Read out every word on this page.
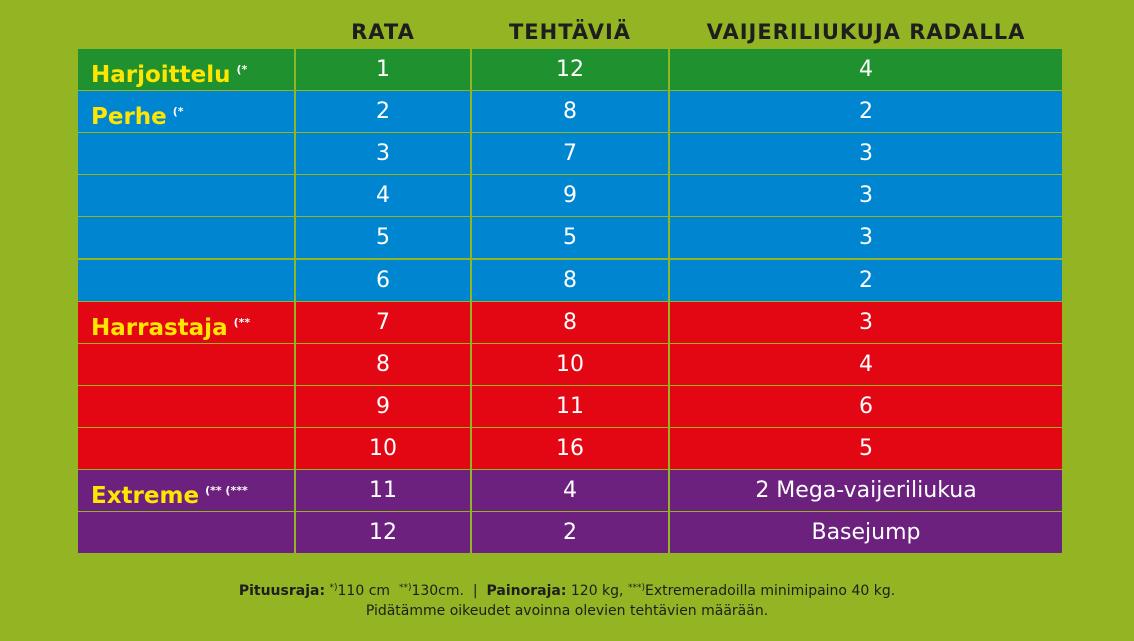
RATA	TEHTÄVIÄ	VAIJERILIUKUJA RADALLA
Harjoittelu (*	1	12	4
Perhe (*	2	8	2
3	7	3
4	9	3
5	5	3
6	8	2
Harrastaja (**	7	8	3
8	10	4
9	11	6
10	16	5
Extreme (** (***	11	4	2 Mega-vaijeriliukua
12	2	Basejump
Pituusraja: *)110 cm **)130cm. | Painoraja: 120 kg, ***)Extremeradoilla minimipaino 40 kg.
Pidätämme oikeudet avoinna olevien tehtävien määrään.
